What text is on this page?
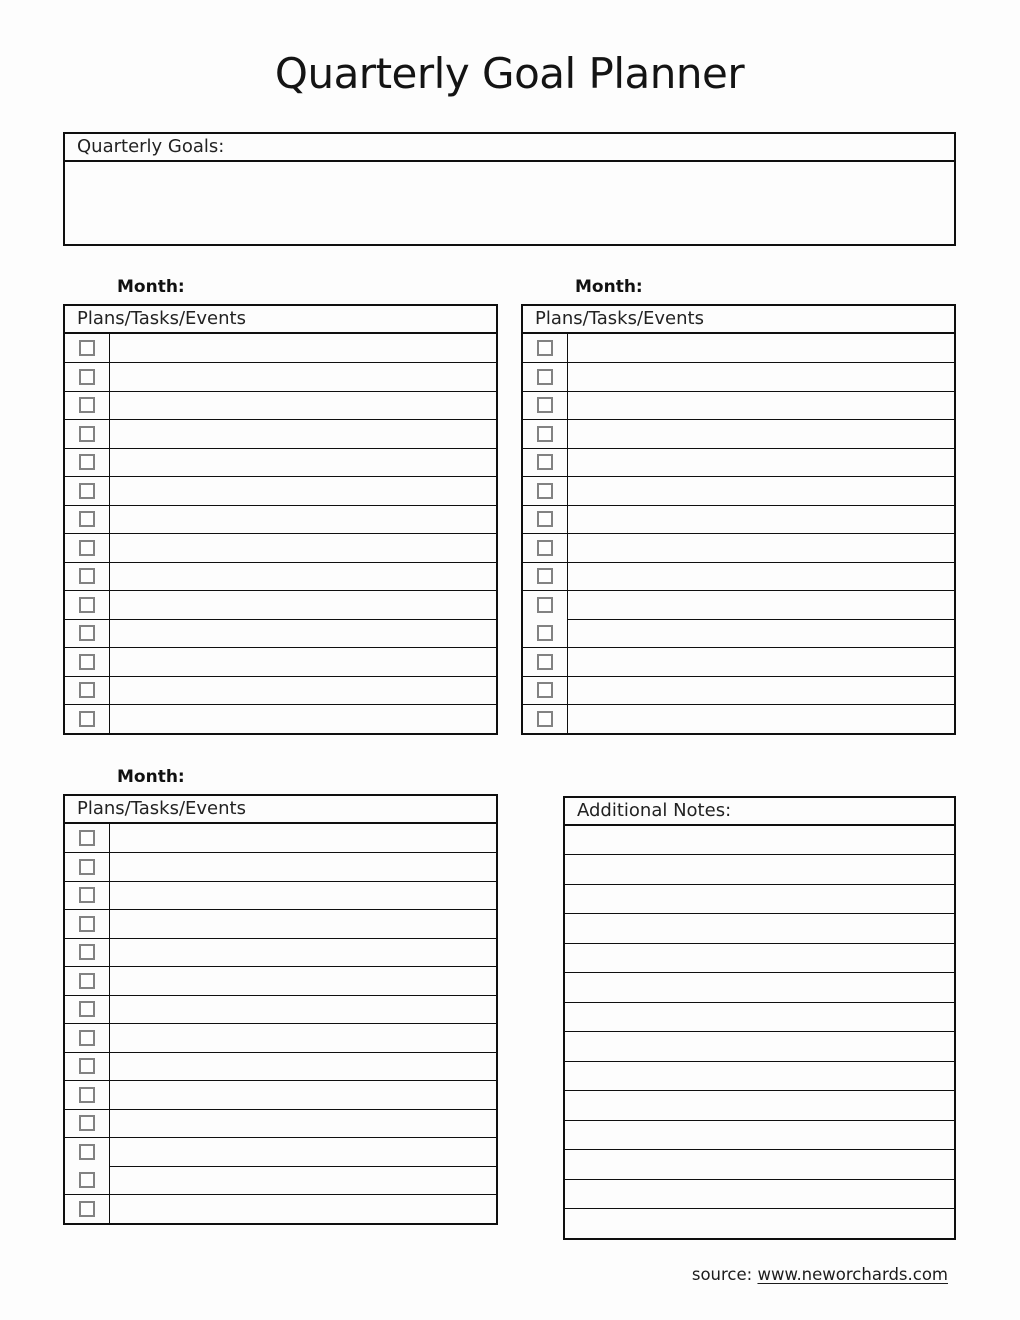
Quarterly Goal Planner
Quarterly Goals:
Month:
Plans/Tasks/Events
Month:
Plans/Tasks/Events
Month:
Plans/Tasks/Events	Additional Notes:
source: www.neworchards.com
